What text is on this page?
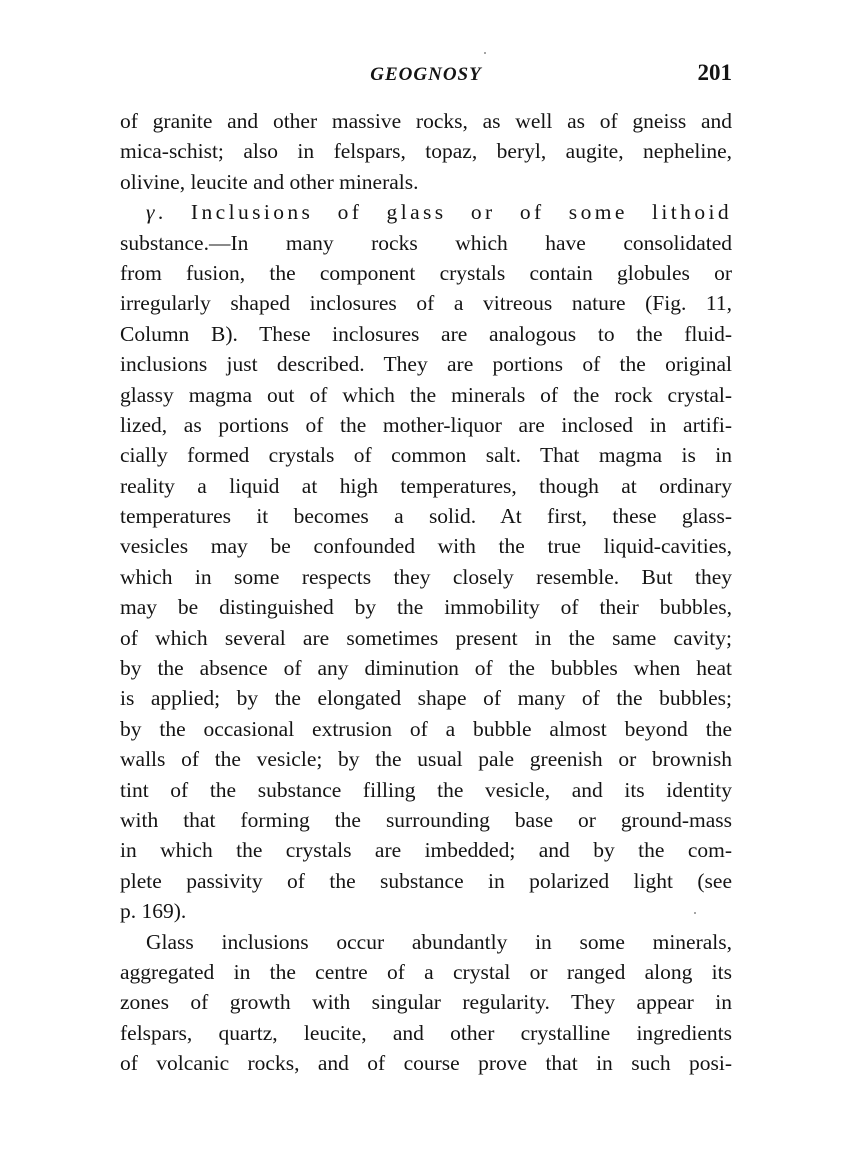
GEOGNOSY	201
of granite and other massive rocks, as well as of gneiss and
mica-schist; also in felspars, topaz, beryl, augite, nepheline,
olivine, leucite and other minerals.
γ. Inclusions of glass or of some lithoid
substance.—In many rocks which have consolidated
from fusion, the component crystals contain globules or
irregularly shaped inclosures of a vitreous nature (Fig. 11,
Column B). These inclosures are analogous to the fluid-
inclusions just described. They are portions of the original
glassy magma out of which the minerals of the rock crystal-
lized, as portions of the mother-liquor are inclosed in artifi-
cially formed crystals of common salt. That magma is in
reality a liquid at high temperatures, though at ordinary
temperatures it becomes a solid. At first, these glass-
vesicles may be confounded with the true liquid-cavities,
which in some respects they closely resemble. But they
may be distinguished by the immobility of their bubbles,
of which several are sometimes present in the same cavity;
by the absence of any diminution of the bubbles when heat
is applied; by the elongated shape of many of the bubbles;
by the occasional extrusion of a bubble almost beyond the
walls of the vesicle; by the usual pale greenish or brownish
tint of the substance filling the vesicle, and its identity
with that forming the surrounding base or ground-mass
in which the crystals are imbedded; and by the com-
plete passivity of the substance in polarized light (see
p. 169).
Glass inclusions occur abundantly in some minerals,
aggregated in the centre of a crystal or ranged along its
zones of growth with singular regularity. They appear in
felspars, quartz, leucite, and other crystalline ingredients
of volcanic rocks, and of course prove that in such posi-
